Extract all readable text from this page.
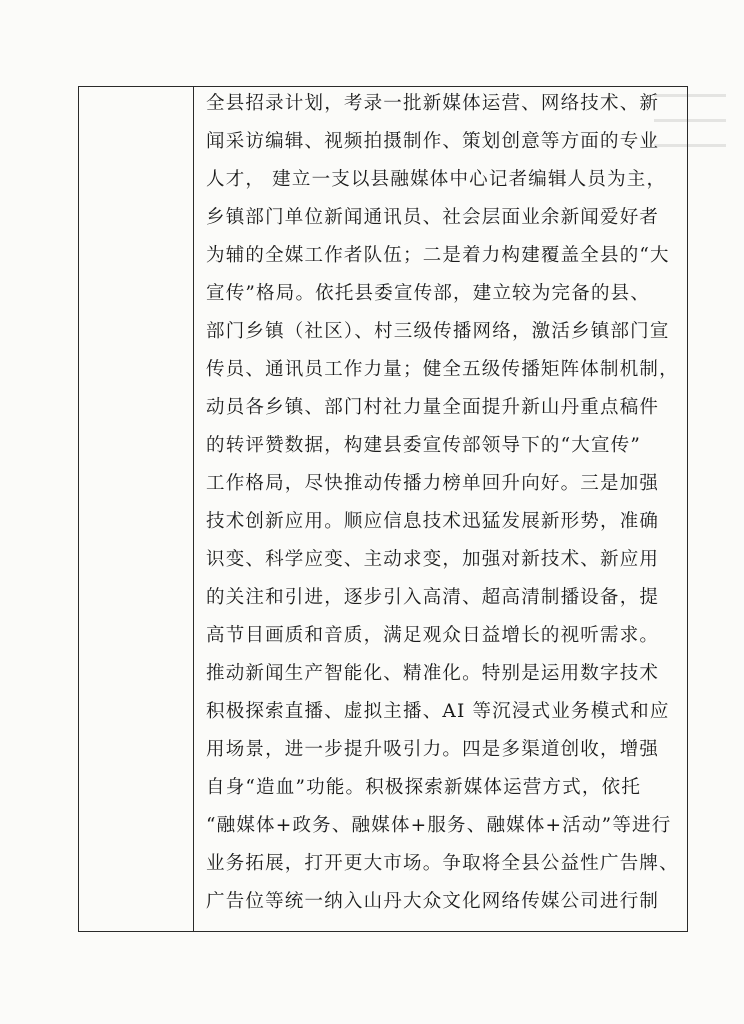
全县招录计划，考录一批新媒体运营、网络技术、新
闻采访编辑、视频拍摄制作、策划创意等方面的专业
人才， 建立一支以县融媒体中心记者编辑人员为主，
乡镇部门单位新闻通讯员、社会层面业余新闻爱好者
为辅的全媒工作者队伍；二是着力构建覆盖全县的“大
宣传”格局。依托县委宣传部，建立较为完备的县、
部门乡镇（社区）、村三级传播网络，激活乡镇部门宣
传员、通讯员工作力量；健全五级传播矩阵体制机制，
动员各乡镇、部门村社力量全面提升新山丹重点稿件
的转评赞数据，构建县委宣传部领导下的“大宣传”
工作格局，尽快推动传播力榜单回升向好。三是加强
技术创新应用。顺应信息技术迅猛发展新形势，准确
识变、科学应变、主动求变，加强对新技术、新应用
的关注和引进，逐步引入高清、超高清制播设备，提
高节目画质和音质，满足观众日益增长的视听需求。
推动新闻生产智能化、精准化。特别是运用数字技术
积极探索直播、虚拟主播、AI 等沉浸式业务模式和应
用场景，进一步提升吸引力。四是多渠道创收，增强
自身“造血”功能。积极探索新媒体运营方式，依托
“融媒体+政务、融媒体+服务、融媒体+活动”等进行
业务拓展，打开更大市场。争取将全县公益性广告牌、
广告位等统一纳入山丹大众文化网络传媒公司进行制
